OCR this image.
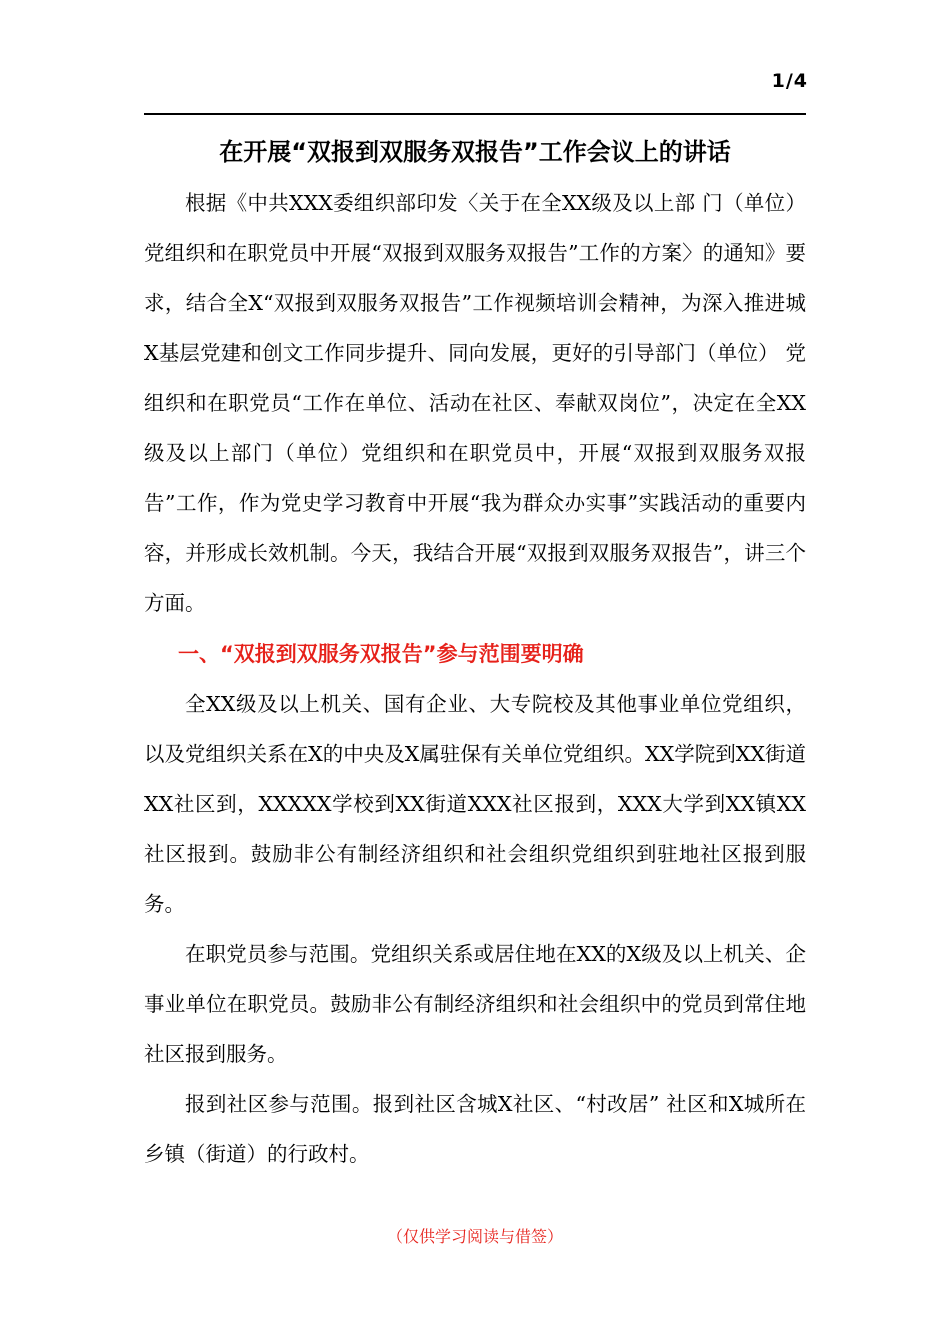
1/4
在开展“双报到双服务双报告”工作会议上的讲话

根据《中共XXX委组织部印发〈关于在全XX级及以上部 门（单位）党组织和在职党员中开展“双报到双服务双报告”工作的方案〉的通知》要求，结合全X“双报到双服务双报告”工作视频培训会精神，为深入推进城X基层党建和创文工作同步提升、同向发展，更好的引导部门（单位） 党组织和在职党员“工作在单位、活动在社区、奉献双岗位”，决定在全XX级及以上部门（单位）党组织和在职党员中，开展“双报到双服务双报告”工作，作为党史学习教育中开展“我为群众办实事”实践活动的重要内容，并形成长效机制。今天，我结合开展“双报到双服务双报告”，讲三个方面。

一、“双报到双服务双报告”参与范围要明确

全XX级及以上机关、国有企业、大专院校及其他事业单位党组织，以及党组织关系在X的中央及X属驻保有关单位党组织。XX学院到XX街道XX社区到，XXXXX学校到XX街道XXX社区报到，XXX大学到XX镇XX社区报到。鼓励非公有制经济组织和社会组织党组织到驻地社区报到服务。

在职党员参与范围。党组织关系或居住地在XX的X级及以上机关、企事业单位在职党员。鼓励非公有制经济组织和社会组织中的党员到常住地社区报到服务。

报到社区参与范围。报到社区含城X社区、“村改居” 社区和X城所在乡镇（街道）的行政村。

（仅供学习阅读与借签）
